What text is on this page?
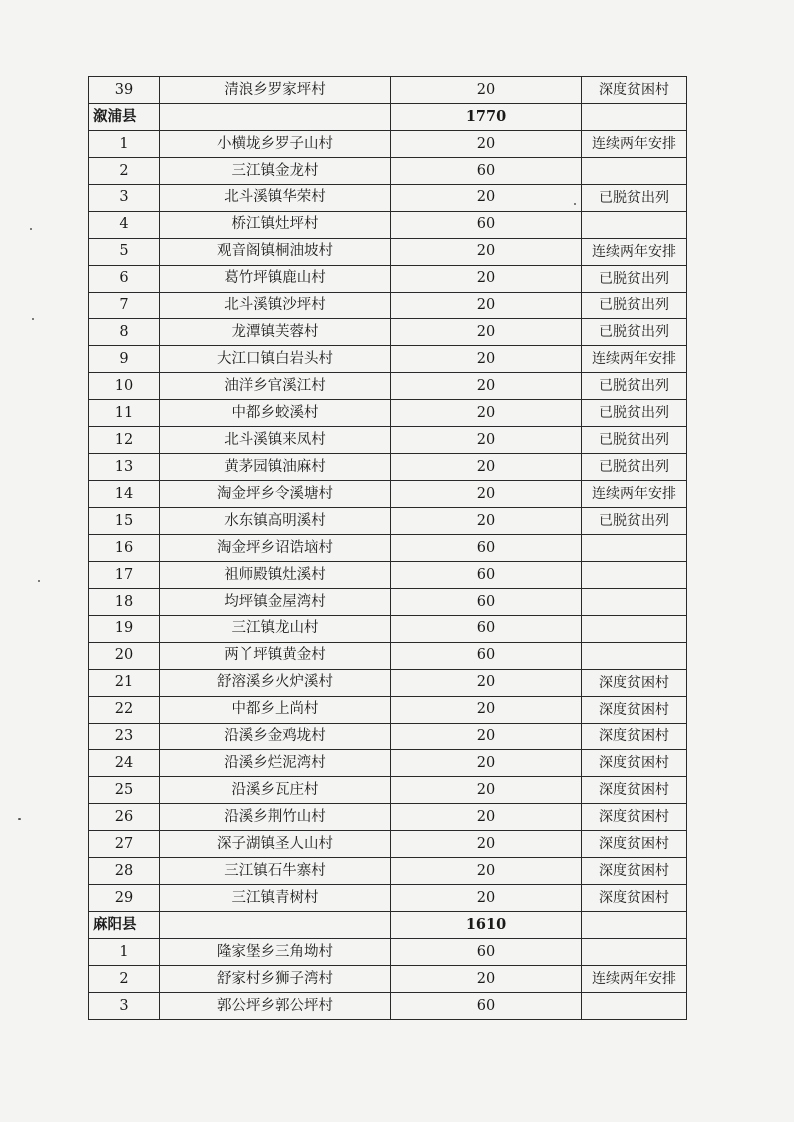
39	清浪乡罗家坪村	20	深度贫困村
溆浦县		1770	
1	小横垅乡罗子山村	20	连续两年安排
2	三江镇金龙村	60	
3	北斗溪镇华荣村	20	已脱贫出列
4	桥江镇灶坪村	60	
5	观音阁镇桐油坡村	20	连续两年安排
6	葛竹坪镇鹿山村	20	已脱贫出列
7	北斗溪镇沙坪村	20	已脱贫出列
8	龙潭镇芙蓉村	20	已脱贫出列
9	大江口镇白岩头村	20	连续两年安排
10	油洋乡官溪江村	20	已脱贫出列
11	中都乡蛟溪村	20	已脱贫出列
12	北斗溪镇来凤村	20	已脱贫出列
13	黄茅园镇油麻村	20	已脱贫出列
14	淘金坪乡令溪塘村	20	连续两年安排
15	水东镇高明溪村	20	已脱贫出列
16	淘金坪乡诏诰垴村	60	
17	祖师殿镇灶溪村	60	
18	均坪镇金屋湾村	60	
19	三江镇龙山村	60	
20	两丫坪镇黄金村	60	
21	舒溶溪乡火炉溪村	20	深度贫困村
22	中都乡上尚村	20	深度贫困村
23	沿溪乡金鸡垅村	20	深度贫困村
24	沿溪乡烂泥湾村	20	深度贫困村
25	沿溪乡瓦庄村	20	深度贫困村
26	沿溪乡荆竹山村	20	深度贫困村
27	深子湖镇圣人山村	20	深度贫困村
28	三江镇石牛寨村	20	深度贫困村
29	三江镇青树村	20	深度贫困村
麻阳县		1610	
1	隆家堡乡三角坳村	60	
2	舒家村乡狮子湾村	20	连续两年安排
3	郭公坪乡郭公坪村	60	
